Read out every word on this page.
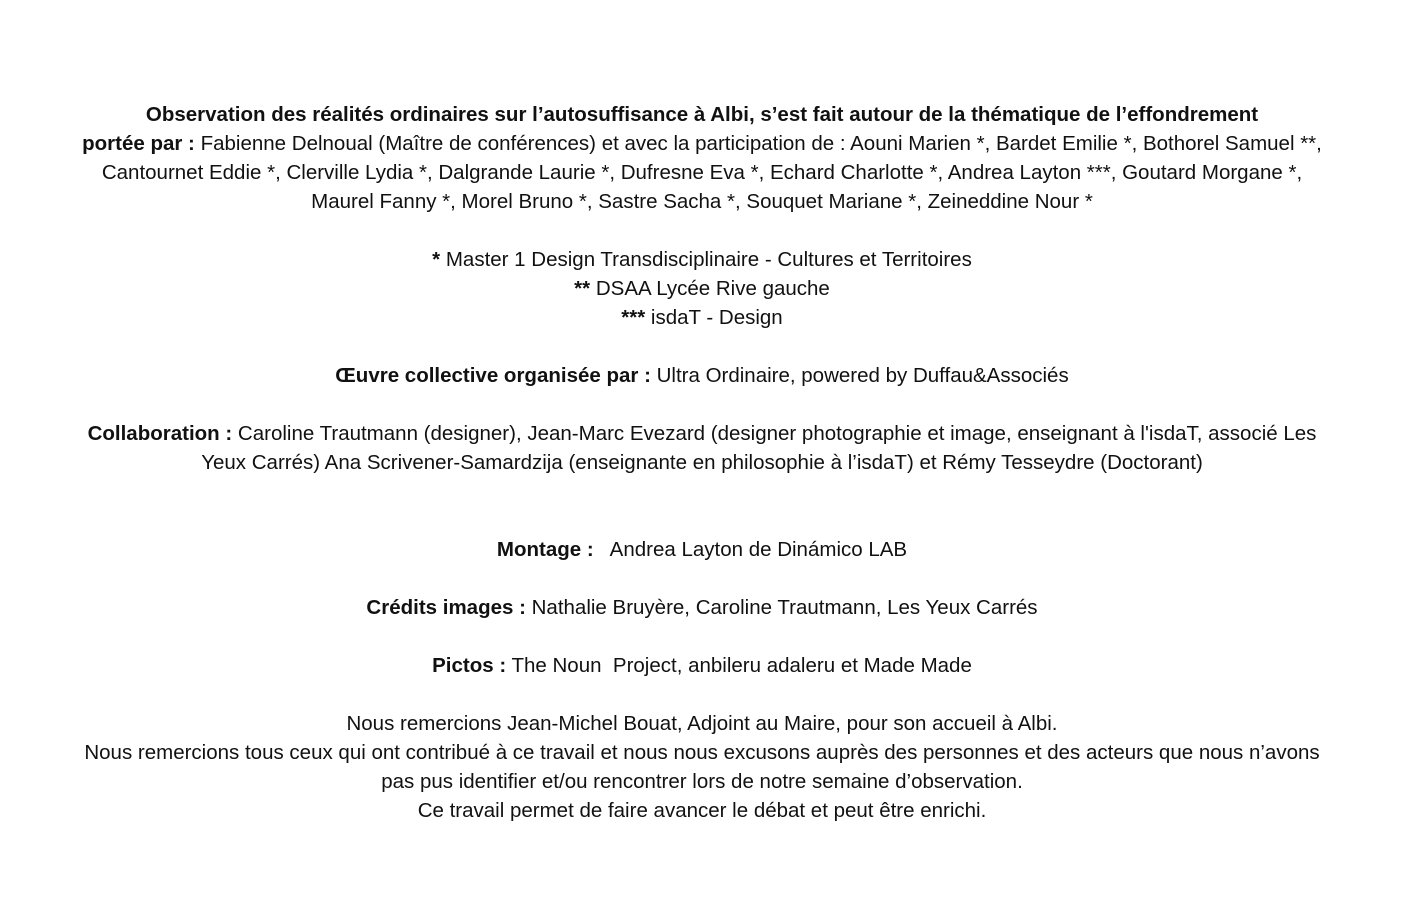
Observation des réalités ordinaires sur l’autosuffisance à Albi, s’est fait autour de la thématique de l’effondrement
portée par : Fabienne Delnoual (Maître de conférences) et avec la participation de : Aouni Marien *, Bardet Emilie *, Bothorel Samuel **, Cantournet Eddie *, Clerville Lydia *, Dalgrande Laurie *, Dufresne Eva *, Echard Charlotte *, Andrea Layton ***, Goutard Morgane *, Maurel Fanny *, Morel Bruno *, Sastre Sacha *, Souquet Mariane *, Zeineddine Nour *

* Master 1 Design Transdisciplinaire - Cultures et Territoires
** DSAA Lycée Rive gauche
*** isdaT - Design

Œuvre collective organisée par : Ultra Ordinaire, powered by Duffau&Associés

Collaboration : Caroline Trautmann (designer), Jean-Marc Evezard (designer photographie et image, enseignant à l'isdaT, associé Les Yeux Carrés) Ana Scrivener-Samardzija (enseignante en philosophie à l’isdaT) et Rémy Tesseydre (Doctorant)

Montage :   Andrea Layton de Dinámico LAB

Crédits images : Nathalie Bruyère, Caroline Trautmann, Les Yeux Carrés

Pictos : The Noun  Project, anbileru adaleru et Made Made

Nous remercions Jean-Michel Bouat, Adjoint au Maire, pour son accueil à Albi.
Nous remercions tous ceux qui ont contribué à ce travail et nous nous excusons auprès des personnes et des acteurs que nous n’avons pas pus identifier et/ou rencontrer lors de notre semaine d’observation.
Ce travail permet de faire avancer le débat et peut être enrichi.
